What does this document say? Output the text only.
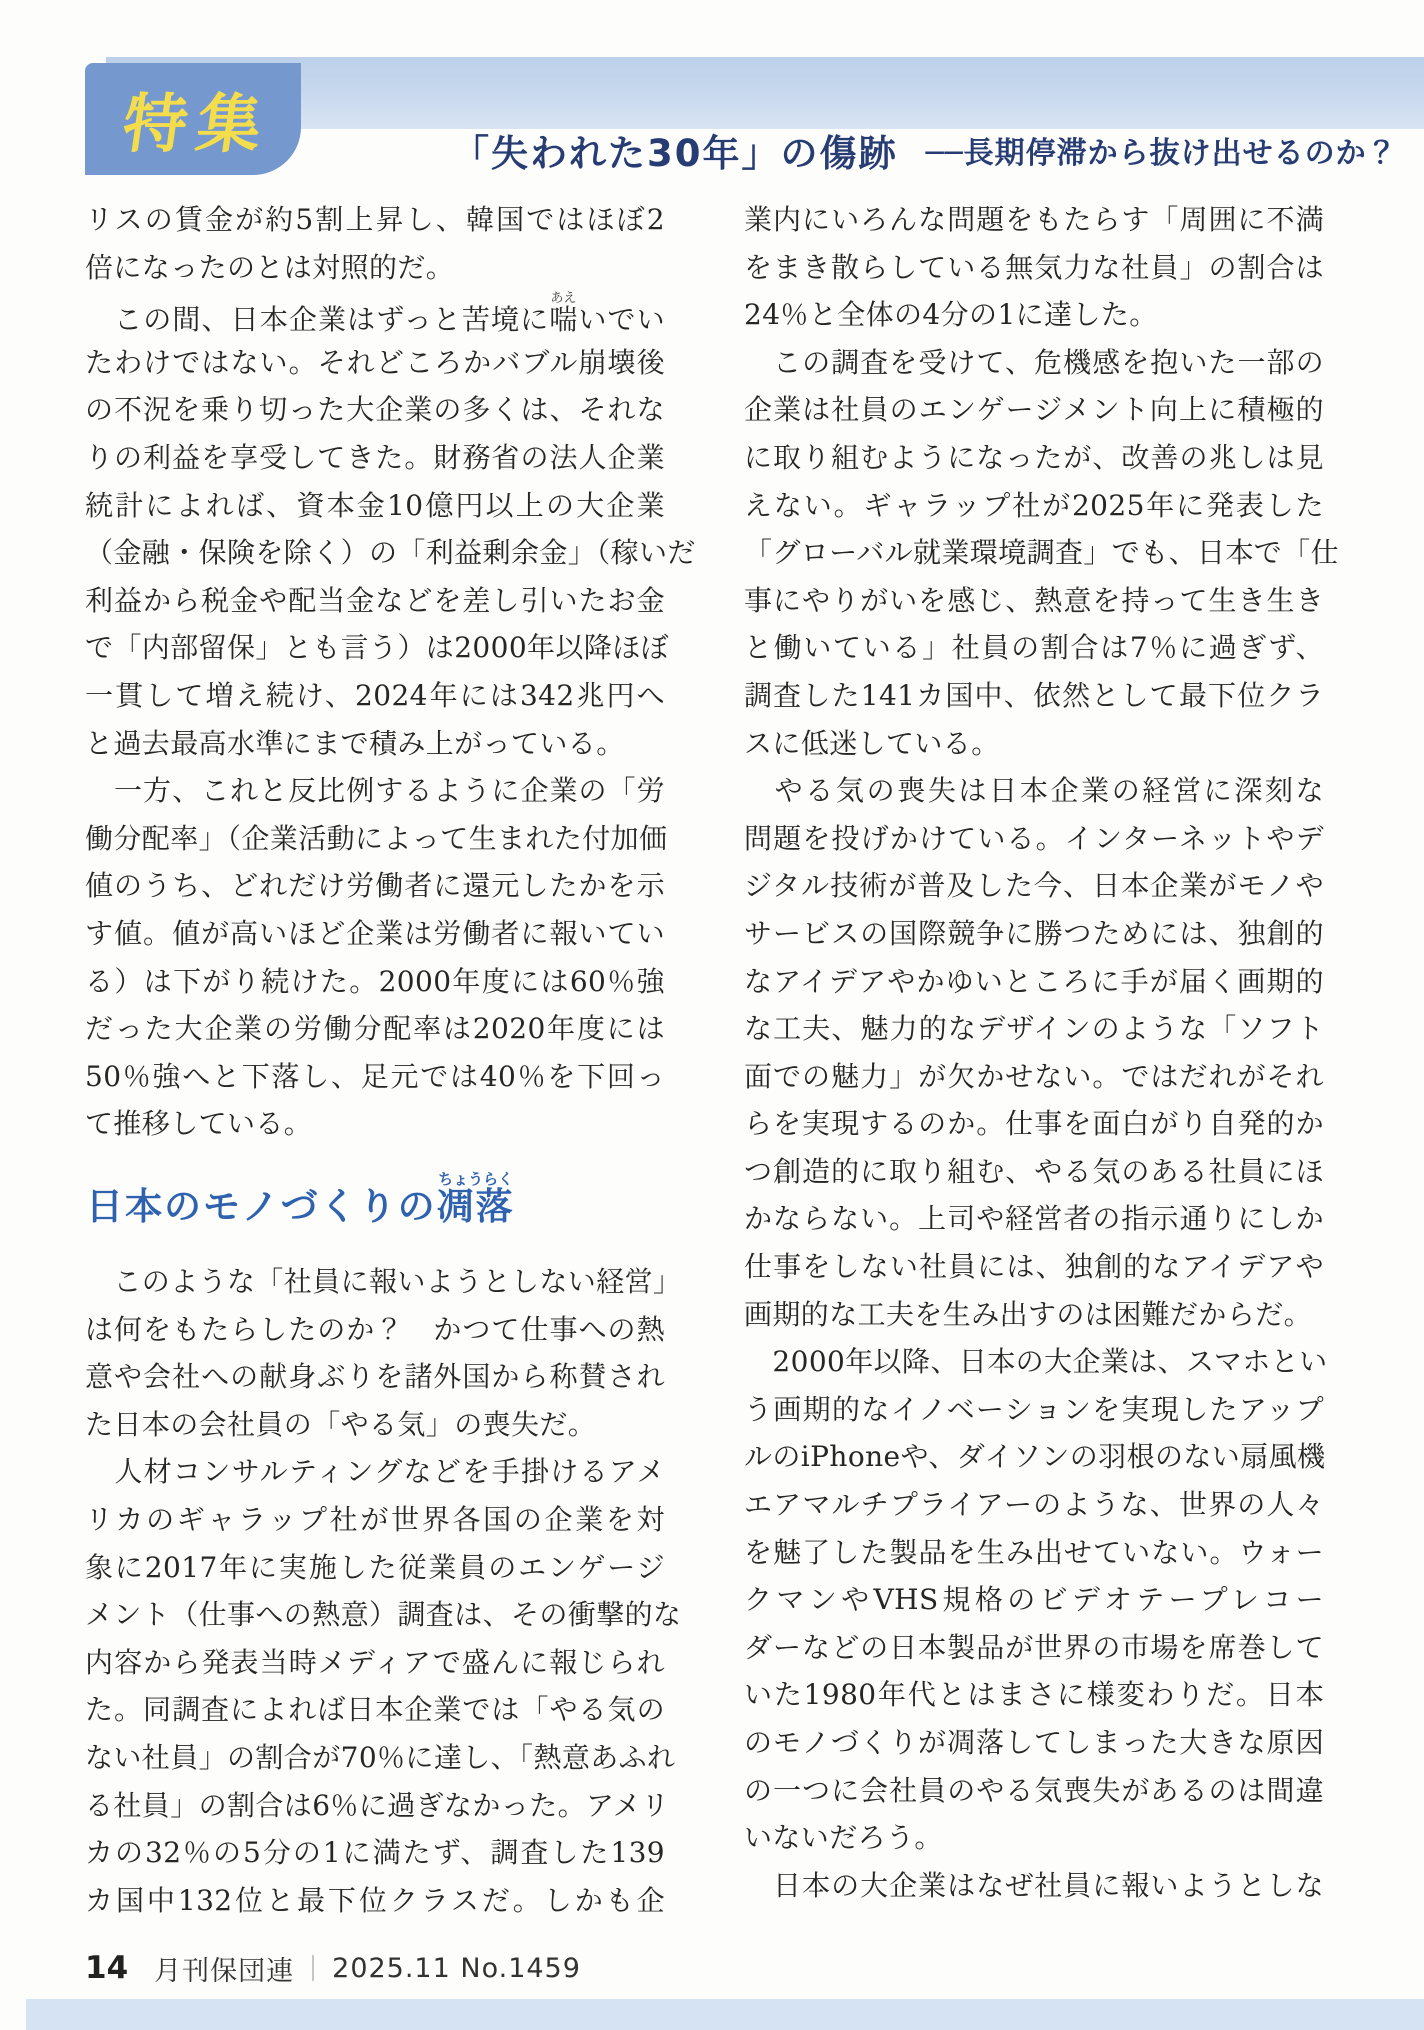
「失われた30年」の傷跡 ──長期停滞から抜け出せるのか？
特集
リスの賃金が約5割上昇し、韓国ではほぼ2
倍になったのとは対照的だ。
　この間、日本企業はずっと苦境に喘あえいでい
たわけではない。それどころかバブル崩壊後
の不況を乗り切った大企業の多くは、それな
りの利益を享受してきた。財務省の法人企業
統計によれば、資本金10億円以上の大企業
（金融・保険を除く）の「利益剰余金」（稼いだ
利益から税金や配当金などを差し引いたお金
で「内部留保」とも言う）は2000年以降ほぼ
一貫して増え続け、2024年には342兆円へ
と過去最高水準にまで積み上がっている。
　一方、これと反比例するように企業の「労
働分配率」（企業活動によって生まれた付加価
値のうち、どれだけ労働者に還元したかを示
す値。値が高いほど企業は労働者に報いてい
る）は下がり続けた。2000年度には60％強
だった大企業の労働分配率は2020年度には
50％強へと下落し、足元では40％を下回っ
て推移している。
日本のモノづくりの凋落ちょうらく
　このような「社員に報いようとしない経営」
は何をもたらしたのか？　かつて仕事への熱
意や会社への献身ぶりを諸外国から称賛され
た日本の会社員の「やる気」の喪失だ。
　人材コンサルティングなどを手掛けるアメ
リカのギャラップ社が世界各国の企業を対
象に2017年に実施した従業員のエンゲージ
メント（仕事への熱意）調査は、その衝撃的な
内容から発表当時メディアで盛んに報じられ
た。同調査によれば日本企業では「やる気の
ない社員」の割合が70％に達し、「熱意あふれ
る社員」の割合は6％に過ぎなかった。アメリ
カの32％の5分の1に満たず、調査した139
カ国中132位と最下位クラスだ。しかも企
業内にいろんな問題をもたらす「周囲に不満
をまき散らしている無気力な社員」の割合は
24％と全体の4分の1に達した。
　この調査を受けて、危機感を抱いた一部の
企業は社員のエンゲージメント向上に積極的
に取り組むようになったが、改善の兆しは見
えない。ギャラップ社が2025年に発表した
「グローバル就業環境調査」でも、日本で「仕
事にやりがいを感じ、熱意を持って生き生き
と働いている」社員の割合は7％に過ぎず、
調査した141カ国中、依然として最下位クラ
スに低迷している。
　やる気の喪失は日本企業の経営に深刻な
問題を投げかけている。インターネットやデ
ジタル技術が普及した今、日本企業がモノや
サービスの国際競争に勝つためには、独創的
なアイデアやかゆいところに手が届く画期的
な工夫、魅力的なデザインのような「ソフト
面での魅力」が欠かせない。ではだれがそれ
らを実現するのか。仕事を面白がり自発的か
つ創造的に取り組む、やる気のある社員にほ
かならない。上司や経営者の指示通りにしか
仕事をしない社員には、独創的なアイデアや
画期的な工夫を生み出すのは困難だからだ。
　2000年以降、日本の大企業は、スマホとい
う画期的なイノベーションを実現したアップ
ルのiPhoneや、ダイソンの羽根のない扇風機
エアマルチプライアーのような、世界の人々
を魅了した製品を生み出せていない。ウォー
クマンやVHS規格のビデオテープレコー
ダーなどの日本製品が世界の市場を席巻して
いた1980年代とはまさに様変わりだ。日本
のモノづくりが凋落してしまった大きな原因
の一つに会社員のやる気喪失があるのは間違
いないだろう。
　日本の大企業はなぜ社員に報いようとしな
14 月刊保団連 2025.11 No.1459
